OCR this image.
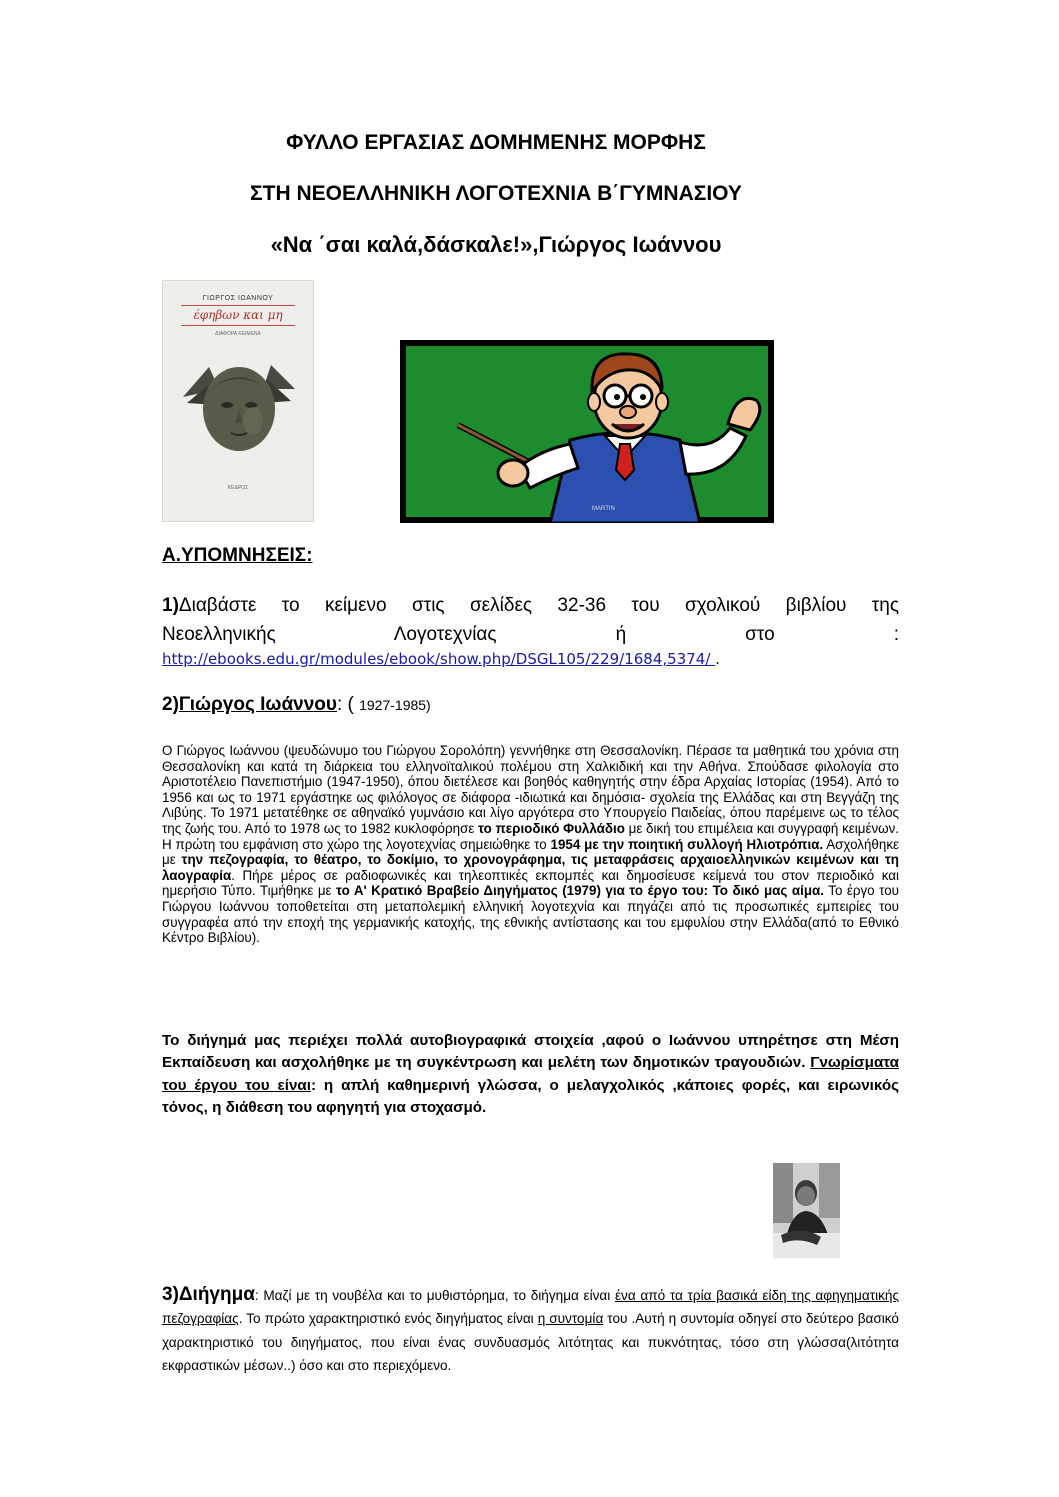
ΦΥΛΛΟ ΕΡΓΑΣΙΑΣ ΔΟΜΗΜΕΝΗΣ ΜΟΡΦΗΣ
ΣΤΗ ΝΕΟΕΛΛΗΝΙΚΗ ΛΟΓΟΤΕΧΝΙΑ Β΄ΓΥΜΝΑΣΙΟΥ
«Να ΄σαι καλά,δάσκαλε!»,Γιώργος Ιωάννου
ΓΙΩΡΓΟΣ ΙΩΑΝΝΟΥ
έφηβων και μη
ΔΙΑΦΟΡΑ ΚΕΙΜΕΝΑ
ΚΕΔΡΟΣ
MARTIN
Α.ΥΠΟΜΝΗΣΕΙΣ:
1)Διαβάστε το κείμενο στις σελίδες 32-36 του σχολικού βιβλίου της
Νεοελληνικής Λογοτεχνίας ή στο :
http://ebooks.edu.gr/modules/ebook/show.php/DSGL105/229/1684,5374/ .
2)Γιώργος Ιωάννου: ( 1927-1985)
Ο Γιώργος Ιωάννου (ψευδώνυμο του Γιώργου Σορολόπη) γεννήθηκε στη Θεσσαλονίκη. Πέρασε τα μαθητικά του χρόνια στη Θεσσαλονίκη και κατά τη διάρκεια του ελληνοϊταλικού πολέμου στη Χαλκιδική και την Αθήνα. Σπούδασε φιλολογία στο Αριστοτέλειο Πανεπιστήμιο (1947-1950), όπου διετέλεσε και βοηθός καθηγητής στην έδρα Αρχαίας Ιστορίας (1954). Από το 1956 και ως το 1971 εργάστηκε ως φιλόλογος σε διάφορα -ιδιωτικά και δημόσια- σχολεία της Ελλάδας και στη Βεγγάζη της Λιβύης. Το 1971 μετατέθηκε σε αθηναϊκό γυμνάσιο και λίγο αργότερα στο Υπουργείο Παιδείας, όπου παρέμεινε ως το τέλος της ζωής του. Από το 1978 ως το 1982 κυκλοφόρησε το περιοδικό Φυλλάδιο με δική του επιμέλεια και συγγραφή κειμένων. Η πρώτη του εμφάνιση στο χώρο της λογοτεχνίας σημειώθηκε το 1954 με την ποιητική συλλογή Ηλιοτρόπια. Ασχολήθηκε με την πεζογραφία, το θέατρο, το δοκίμιο, το χρονογράφημα, τις μεταφράσεις αρχαιοελληνικών κειμένων και τη λαογραφία. Πήρε μέρος σε ραδιοφωνικές και τηλεοπτικές εκπομπές και δημοσίευσε κείμενά του στον περιοδικό και ημερήσιο Τύπο. Τιμήθηκε με το Α' Κρατικό Βραβείο Διηγήματος (1979) για το έργο του: Το δικό μας αίμα. Το έργο του Γιώργου Ιωάννου τοποθετείται στη μεταπολεμική ελληνική λογοτεχνία και πηγάζει από τις προσωπικές εμπειρίες του συγγραφέα από την εποχή της γερμανικής κατοχής, της εθνικής αντίστασης και του εμφυλίου στην Ελλάδα(από το Εθνικό Κέντρο Βιβλίου).
Το διήγημά μας περιέχει πολλά αυτοβιογραφικά στοιχεία ,αφού ο Ιωάννου υπηρέτησε στη Μέση Εκπαίδευση και ασχολήθηκε με τη συγκέντρωση και μελέτη των δημοτικών τραγουδιών. Γνωρίσματα του έργου του είναι: η απλή καθημερινή γλώσσα, ο μελαγχολικός ,κάποιες φορές, και ειρωνικός τόνος, η διάθεση του αφηγητή για στοχασμό.
3)Διήγημα: Μαζί με τη νουβέλα και το μυθιστόρημα, το διήγημα είναι ένα από τα τρία βασικά είδη της αφηγηματικής πεζογραφίας. Το πρώτο χαρακτηριστικό ενός διηγήματος είναι η συντομία του .Αυτή η συντομία οδηγεί στο δεύτερο βασικό χαρακτηριστικό του διηγήματος, που είναι ένας συνδυασμός λιτότητας και πυκνότητας, τόσο στη γλώσσα(λιτότητα εκφραστικών μέσων..) όσο και στο περιεχόμενο.
